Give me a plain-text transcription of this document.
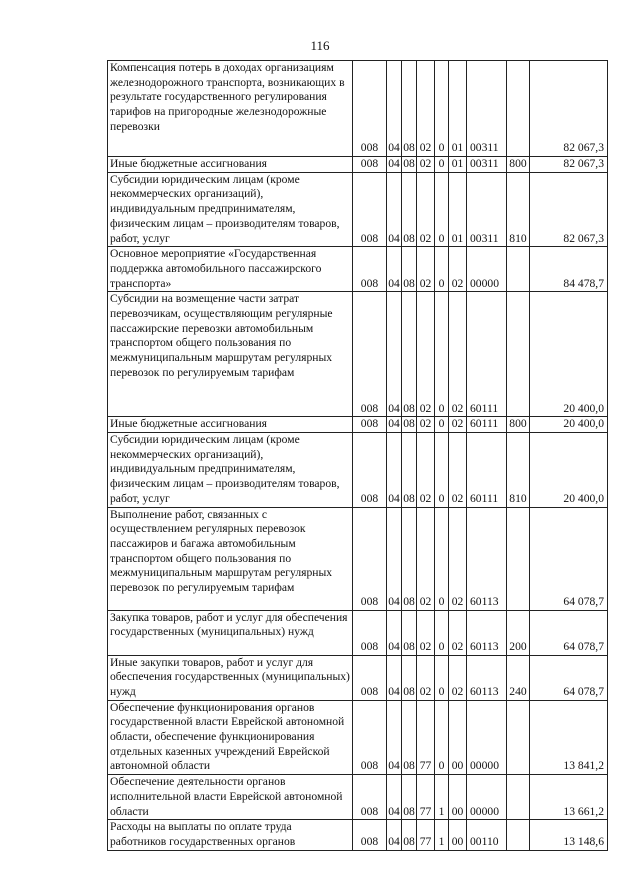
116
Компенсация потерь в доходах организациям железнодорожного транспорта, возникающих в результате государственного регулирования тарифов на пригородные железнодорожные перевозки	008	04	08	02	0	01	00311		82 067,3
Иные бюджетные ассигнования	008	04	08	02	0	01	00311	800	82 067,3
Субсидии юридическим лицам (кроме некоммерческих организаций), индивидуальным предпринимателям, физическим лицам – производителям товаров, работ, услуг	008	04	08	02	0	01	00311	810	82 067,3
Основное мероприятие «Государственная поддержка автомобильного пассажирского транспорта»	008	04	08	02	0	02	00000		84 478,7
Субсидии на возмещение части затрат перевозчикам, осуществляющим регулярные пассажирские перевозки автомобильным транспортом общего пользования по межмуниципальным маршрутам регулярных перевозок по регулируемым тарифам	008	04	08	02	0	02	60111		20 400,0
Иные бюджетные ассигнования	008	04	08	02	0	02	60111	800	20 400,0
Субсидии юридическим лицам (кроме некоммерческих организаций), индивидуальным предпринимателям, физическим лицам – производителям товаров, работ, услуг	008	04	08	02	0	02	60111	810	20 400,0
Выполнение работ, связанных с осуществлением регулярных перевозок пассажиров и багажа автомобильным транспортом общего пользования по межмуниципальным маршрутам регулярных перевозок по регулируемым тарифам	008	04	08	02	0	02	60113		64 078,7
Закупка товаров, работ и услуг для обеспечения государственных (муниципальных) нужд	008	04	08	02	0	02	60113	200	64 078,7
Иные закупки товаров, работ и услуг для обеспечения государственных (муниципальных) нужд	008	04	08	02	0	02	60113	240	64 078,7
Обеспечение функционирования органов государственной власти Еврейской автономной области, обеспечение функционирования отдельных казенных учреждений Еврейской автономной области	008	04	08	77	0	00	00000		13 841,2
Обеспечение деятельности органов исполнительной власти Еврейской автономной области	008	04	08	77	1	00	00000		13 661,2
Расходы на выплаты по оплате труда работников государственных органов	008	04	08	77	1	00	00110		13 148,6
